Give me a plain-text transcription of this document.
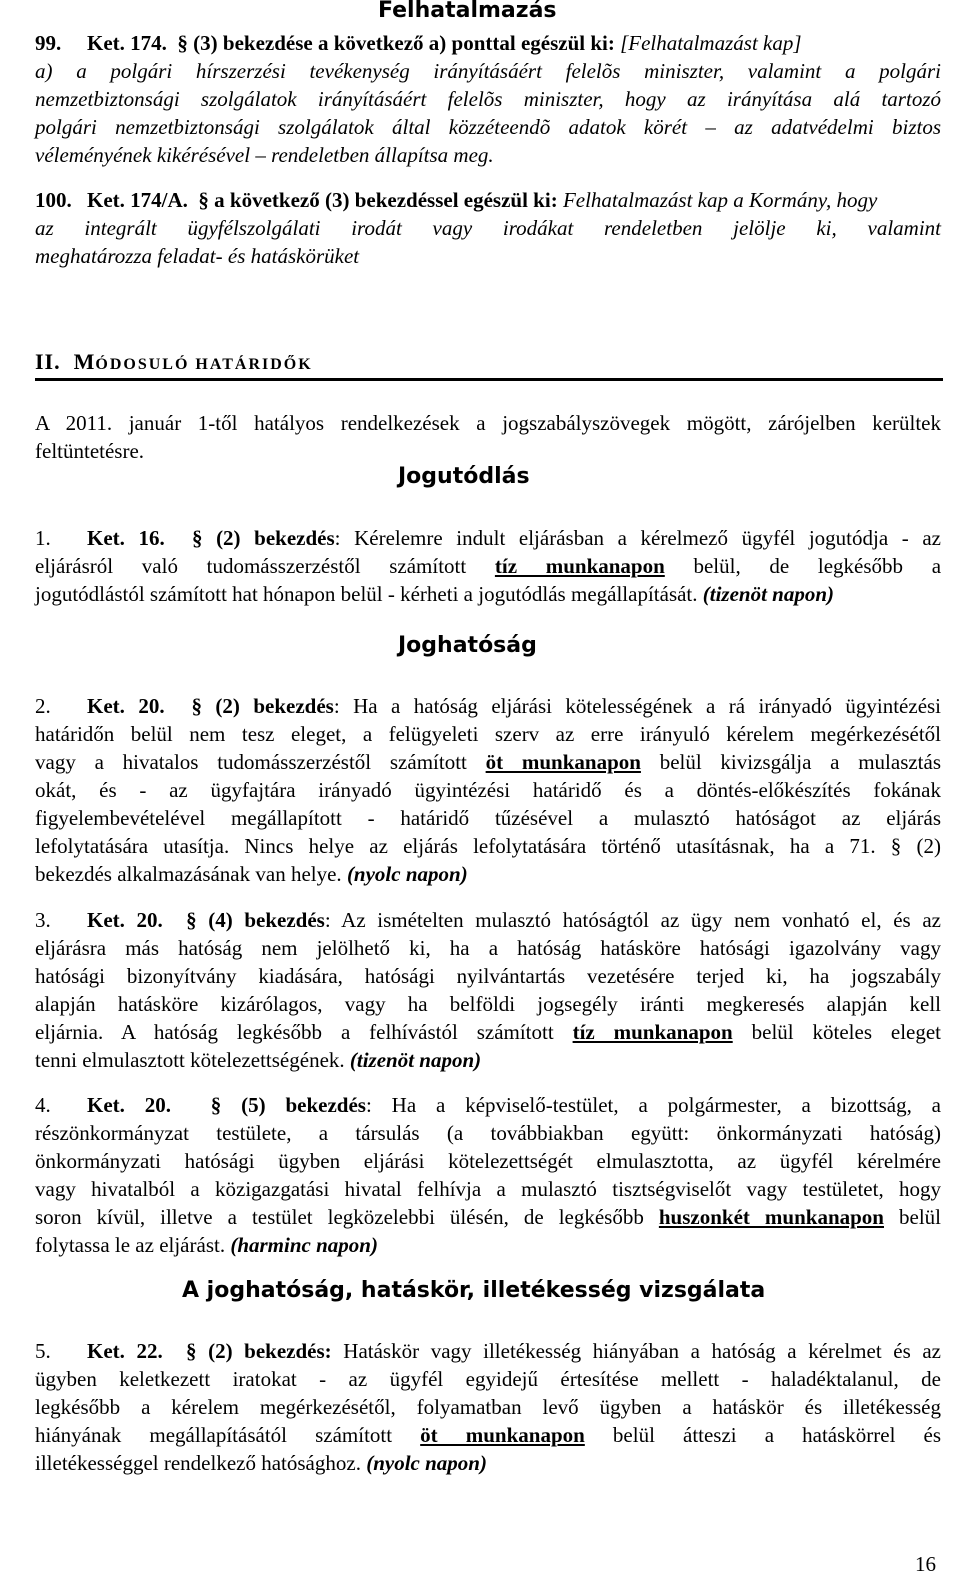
Felhatalmazás
99. Ket. 174. § (3) bekezdése a következő a) ponttal egészül ki: [Felhatalmazást kap]
a) a polgári hírszerzési tevékenység irányításáért felelõs miniszter, valamint a polgári
nemzetbiztonsági szolgálatok irányításáért felelõs miniszter, hogy az irányítása alá tartozó
polgári nemzetbiztonsági szolgálatok által közzéteendõ adatok körét – az adatvédelmi biztos
véleményének kikérésével – rendeletben állapítsa meg.
100. Ket. 174/A. § a következő (3) bekezdéssel egészül ki: Felhatalmazást kap a Kormány, hogy
az integrált ügyfélszolgálati irodát vagy irodákat rendeletben jelölje ki, valamint
meghatározza feladat- és hatáskörüket
II. MÓDOSULÓ HATÁRIDŐK
A 2011. január 1-től hatályos rendelkezések a jogszabályszövegek mögött, zárójelben kerültek
feltüntetésre.
Jogutódlás
1. Ket. 16. § (2) bekezdés: Kérelemre indult eljárásban a kérelmező ügyfél jogutódja - az
eljárásról való tudomásszerzéstől számított tíz munkanapon belül, de legkésőbb a
jogutódlástól számított hat hónapon belül - kérheti a jogutódlás megállapítását. (tizenöt napon)
Joghatóság
2. Ket. 20. § (2) bekezdés: Ha a hatóság eljárási kötelességének a rá irányadó ügyintézési
határidőn belül nem tesz eleget, a felügyeleti szerv az erre irányuló kérelem megérkezésétől
vagy a hivatalos tudomásszerzéstől számított öt munkanapon belül kivizsgálja a mulasztás
okát, és - az ügyfajtára irányadó ügyintézési határidő és a döntés-előkészítés fokának
figyelembevételével megállapított - határidő tűzésével a mulasztó hatóságot az eljárás
lefolytatására utasítja. Nincs helye az eljárás lefolytatására történő utasításnak, ha a 71. § (2)
bekezdés alkalmazásának van helye. (nyolc napon)
3. Ket. 20. § (4) bekezdés: Az ismételten mulasztó hatóságtól az ügy nem vonható el, és az
eljárásra más hatóság nem jelölhető ki, ha a hatóság hatásköre hatósági igazolvány vagy
hatósági bizonyítvány kiadására, hatósági nyilvántartás vezetésére terjed ki, ha jogszabály
alapján hatásköre kizárólagos, vagy ha belföldi jogsegély iránti megkeresés alapján kell
eljárnia. A hatóság legkésőbb a felhívástól számított tíz munkanapon belül köteles eleget
tenni elmulasztott kötelezettségének. (tizenöt napon)
4. Ket. 20. § (5) bekezdés: Ha a képviselő-testület, a polgármester, a bizottság, a
részönkormányzat testülete, a társulás (a továbbiakban együtt: önkormányzati hatóság)
önkormányzati hatósági ügyben eljárási kötelezettségét elmulasztotta, az ügyfél kérelmére
vagy hivatalból a közigazgatási hivatal felhívja a mulasztó tisztségviselőt vagy testületet, hogy
soron kívül, illetve a testület legközelebbi ülésén, de legkésőbb huszonkét munkanapon belül
folytassa le az eljárást. (harminc napon)
A joghatóság, hatáskör, illetékesség vizsgálata
5. Ket. 22. § (2) bekezdés: Hatáskör vagy illetékesség hiányában a hatóság a kérelmet és az
ügyben keletkezett iratokat - az ügyfél egyidejű értesítése mellett - haladéktalanul, de
legkésőbb a kérelem megérkezésétől, folyamatban levő ügyben a hatáskör és illetékesség
hiányának megállapításától számított öt munkanapon belül átteszi a hatáskörrel és
illetékességgel rendelkező hatósághoz. (nyolc napon)
16
